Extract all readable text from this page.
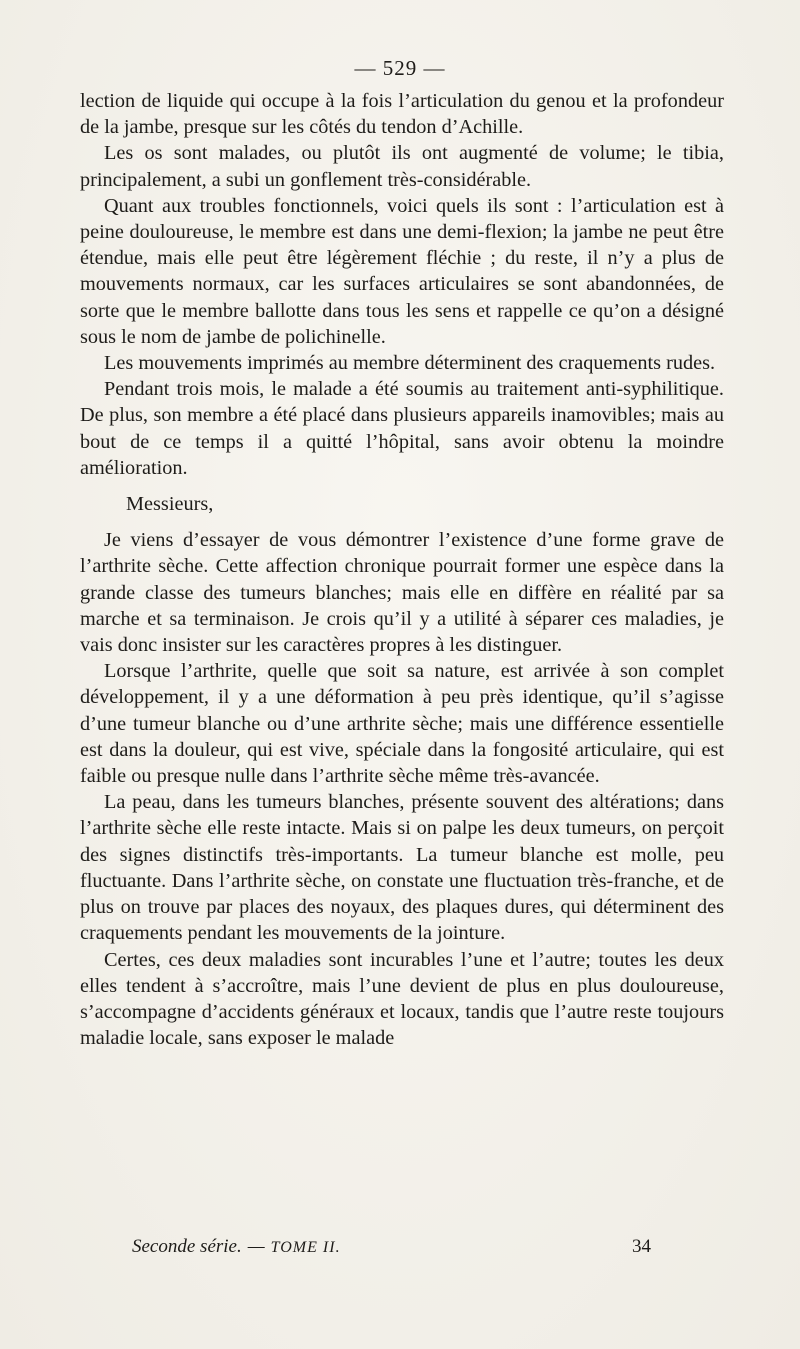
— 529 —

lection de liquide qui occupe à la fois l’articulation du genou et la profondeur de la jambe, presque sur les côtés du tendon d’Achille.

Les os sont malades, ou plutôt ils ont augmenté de volume; le tibia, principalement, a subi un gonflement très-considérable.

Quant aux troubles fonctionnels, voici quels ils sont : l’articulation est à peine douloureuse, le membre est dans une demi-flexion; la jambe ne peut être étendue, mais elle peut être légèrement fléchie ; du reste, il n’y a plus de mouvements normaux, car les surfaces articulaires se sont abandonnées, de sorte que le membre ballotte dans tous les sens et rappelle ce qu’on a désigné sous le nom de jambe de polichinelle.

Les mouvements imprimés au membre déterminent des craquements rudes.

Pendant trois mois, le malade a été soumis au traitement anti-syphilitique. De plus, son membre a été placé dans plusieurs appareils inamovibles; mais au bout de ce temps il a quitté l’hôpital, sans avoir obtenu la moindre amélioration.

Messieurs,

Je viens d’essayer de vous démontrer l’existence d’une forme grave de l’arthrite sèche. Cette affection chronique pourrait former une espèce dans la grande classe des tumeurs blanches; mais elle en diffère en réalité par sa marche et sa terminaison. Je crois qu’il y a utilité à séparer ces maladies, je vais donc insister sur les caractères propres à les distinguer.

Lorsque l’arthrite, quelle que soit sa nature, est arrivée à son complet développement, il y a une déformation à peu près identique, qu’il s’agisse d’une tumeur blanche ou d’une arthrite sèche; mais une différence essentielle est dans la douleur, qui est vive, spéciale dans la fongosité articulaire, qui est faible ou presque nulle dans l’arthrite sèche même très-avancée.

La peau, dans les tumeurs blanches, présente souvent des altérations; dans l’arthrite sèche elle reste intacte. Mais si on palpe les deux tumeurs, on perçoit des signes distinctifs très-importants. La tumeur blanche est molle, peu fluctuante. Dans l’arthrite sèche, on constate une fluctuation très-franche, et de plus on trouve par places des noyaux, des plaques dures, qui déterminent des craquements pendant les mouvements de la jointure.

Certes, ces deux maladies sont incurables l’une et l’autre; toutes les deux elles tendent à s’accroître, mais l’une devient de plus en plus douloureuse, s’accompagne d’accidents généraux et locaux, tandis que l’autre reste toujours maladie locale, sans exposer le malade

Seconde série. — TOME II.	34
